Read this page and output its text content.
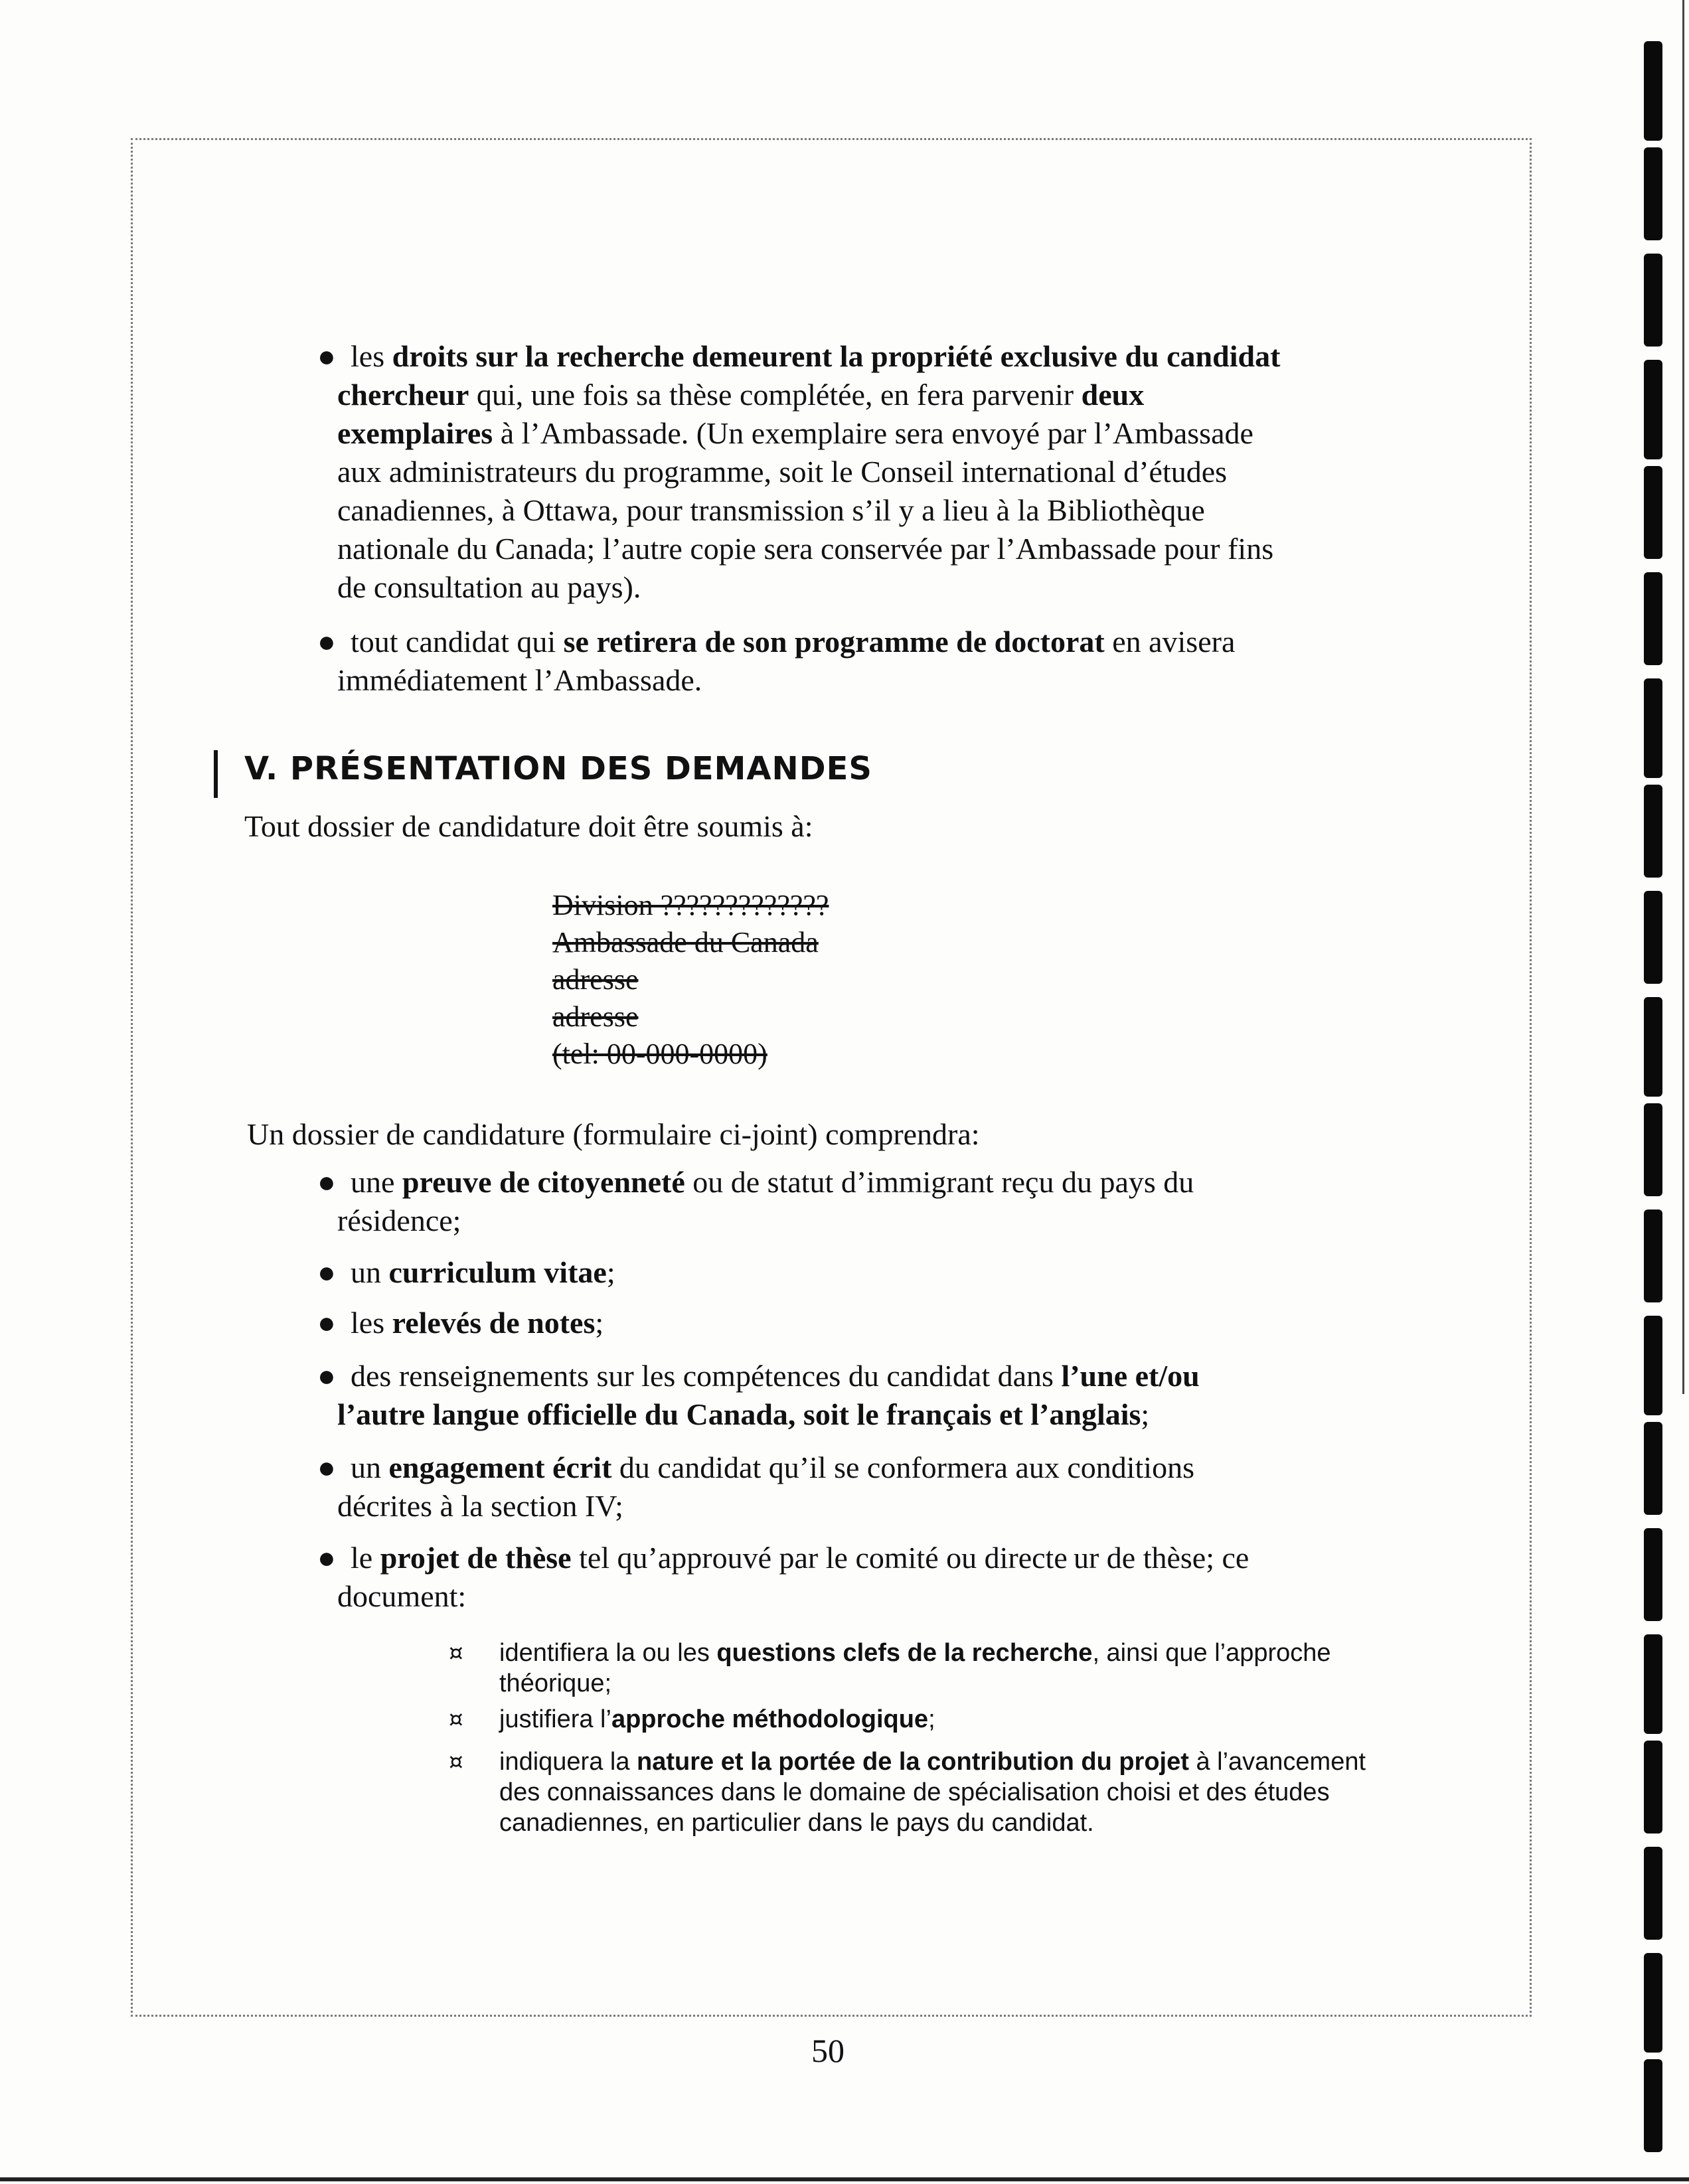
● les droits sur la recherche demeurent la propriété exclusive du candidat
chercheur qui, une fois sa thèse complétée, en fera parvenir deux
exemplaires à l’Ambassade. (Un exemplaire sera envoyé par l’Ambassade
aux administrateurs du programme, soit le Conseil international d’études
canadiennes, à Ottawa, pour transmission s’il y a lieu à la Bibliothèque
nationale du Canada; l’autre copie sera conservée par l’Ambassade pour fins
de consultation au pays).
● tout candidat qui se retirera de son programme de doctorat en avisera
immédiatement l’Ambassade.
V. PRÉSENTATION DES DEMANDES

Tout dossier de candidature doit être soumis à:

Division ?????????????
Ambassade du Canada
adresse
adresse
(tel: 00-000-0000)

Un dossier de candidature (formulaire ci-joint) comprendra:

● une preuve de citoyenneté ou de statut d’immigrant reçu du pays du
résidence;
● un curriculum vitae;
● les relevés de notes;
● des renseignements sur les compétences du candidat dans l’une et/ou
l’autre langue officielle du Canada, soit le français et l’anglais;
● un engagement écrit du candidat qu’il se conformera aux conditions
décrites à la section IV;
● le projet de thèse tel qu’approuvé par le comité ou directe  ur de thèse; ce
document:
¤ identifiera la ou les questions clefs de la recherche, ainsi que l’approche
théorique;
¤ justifiera l’approche méthodologique;
¤ indiquera la nature et la portée de la contribution du projet à l’avancement
des connaissances dans le domaine de spécialisation choisi et des études
canadiennes, en particulier dans le pays du candidat.
50
